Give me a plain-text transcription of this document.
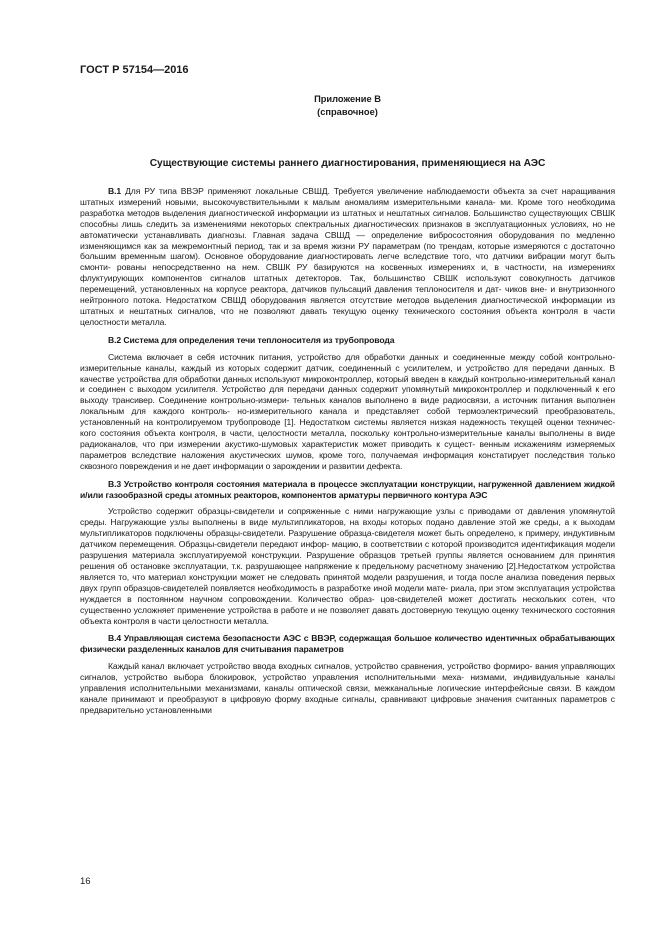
ГОСТ Р 57154—2016
Приложение В
(справочное)
Существующие системы раннего диагностирования, применяющиеся на АЭС

В.1 Для РУ типа ВВЭР применяют локальные СВШД. Требуется увеличение наблюдаемости объекта за счет наращивания штатных измерений новыми, высокочувствительными к малым аномалиям измерительными канала- ми. Кроме того необходима разработка методов выделения диагностической информации из штатных и нештатных сигналов. Большинство существующих СВШК способны лишь следить за изменениями некоторых спектральных диагностических признаков в эксплуатационных условиях, но не автоматически устанавливать диагнозы. Главная задача СВШД — определение вибросостояния оборудования по медленно изменяющимся как за межремонтный период, так и за время жизни РУ параметрам (по трендам, которые измеряются с достаточно большим временным шагом). Основное оборудование диагностировать легче вследствие того, что датчики вибрации могут быть смонти- рованы непосредственно на нем. СВШК РУ базируются на косвенных измерениях и, в частности, на измерениях флуктуирующих компонентов сигналов штатных детекторов. Так, большинство СВШК используют совокупность датчиков перемещений, установленных на корпусе реактора, датчиков пульсаций давления теплоносителя и дат- чиков вне- и внутризонного нейтронного потока. Недостатком СВШД оборудования является отсутствие методов выделения диагностической информации из штатных и нештатных сигналов, что не позволяют давать текущую оценку технического состояния объекта контроля в части целостности металла.

В.2 Система для определения течи теплоносителя из трубопровода

Система включает в себя источник питания, устройство для обработки данных и соединенные между собой контрольно-измерительные каналы, каждый из которых содержит датчик, соединенный с усилителем, и устройство для передачи данных. В качестве устройства для обработки данных используют микроконтроллер, который введен в каждый контрольно-измерительный канал и соединен с выходом усилителя. Устройство для передачи данных содержит упомянутый микроконтроллер и подключенный к его выходу трансивер. Соединение контрольно-измери- тельных каналов выполнено в виде радиосвязи, а источник питания выполнен локальным для каждого контроль- но-измерительного канала и представляет собой термоэлектрический преобразователь, установленный на контролируемом трубопроводе [1]. Недостатком системы является низкая надежность текущей оценки техничес- кого состояния объекта контроля, в части, целостности металла, поскольку контрольно-измерительные каналы выполнены в виде радиоканалов, что при измерении акустико-шумовых характеристик может приводить к сущест- венным искажениям измеряемых параметров вследствие наложения акустических шумов, кроме того, получаемая информация констатирует последствия только сквозного повреждения и не дает информации о зарождении и развитии дефекта.

В.3 Устройство контроля состояния материала в процессе эксплуатации конструкции, нагруженной давлением жидкой и/или газообразной среды атомных реакторов, компонентов арматуры первичного контура АЭС

Устройство содержит образцы-свидетели и сопряженные с ними нагружающие узлы с приводами от давления упомянутой среды. Нагружающие узлы выполнены в виде мультипликаторов, на входы которых подано давление этой же среды, а к выходам мультипликаторов подключены образцы-свидетели. Разрушение образца-свидетеля может быть определено, к примеру, индуктивным датчиком перемещения. Образцы-свидетели передают инфор- мацию, в соответствии с которой производится идентификация модели разрушения материала эксплуатируемой конструкции. Разрушение образцов третьей группы является основанием для принятия решения об остановке эксплуатации, т.к. разрушающее напряжение к предельному расчетному значению [2].Недостатком устройства является то, что материал конструкции может не следовать принятой модели разрушения, и тогда после анализа поведения первых двух групп образцов-свидетелей появляется необходимость в разработке иной модели мате- риала, при этом эксплуатация устройства нуждается в постоянном научном сопровождении. Количество образ- цов-свидетелей может достигать нескольких сотен, что существенно усложняет применение устройства в работе и не позволяет давать достоверную текущую оценку технического состояния объекта контроля в части целостности металла.

В.4 Управляющая система безопасности АЭС с ВВЭР, содержащая большое количество идентичных обрабатывающих физически разделенных каналов для считывания параметров

Каждый канал включает устройство ввода входных сигналов, устройство сравнения, устройство формиро- вания управляющих сигналов, устройство выбора блокировок, устройство управления исполнительными меха- низмами, индивидуальные каналы управления исполнительными механизмами, каналы оптической связи, межканальные логические интерфейсные связи. В каждом канале принимают и преобразуют в цифровую форму входные сигналы, сравнивают цифровые значения считанных параметров с предварительно установленными

16
